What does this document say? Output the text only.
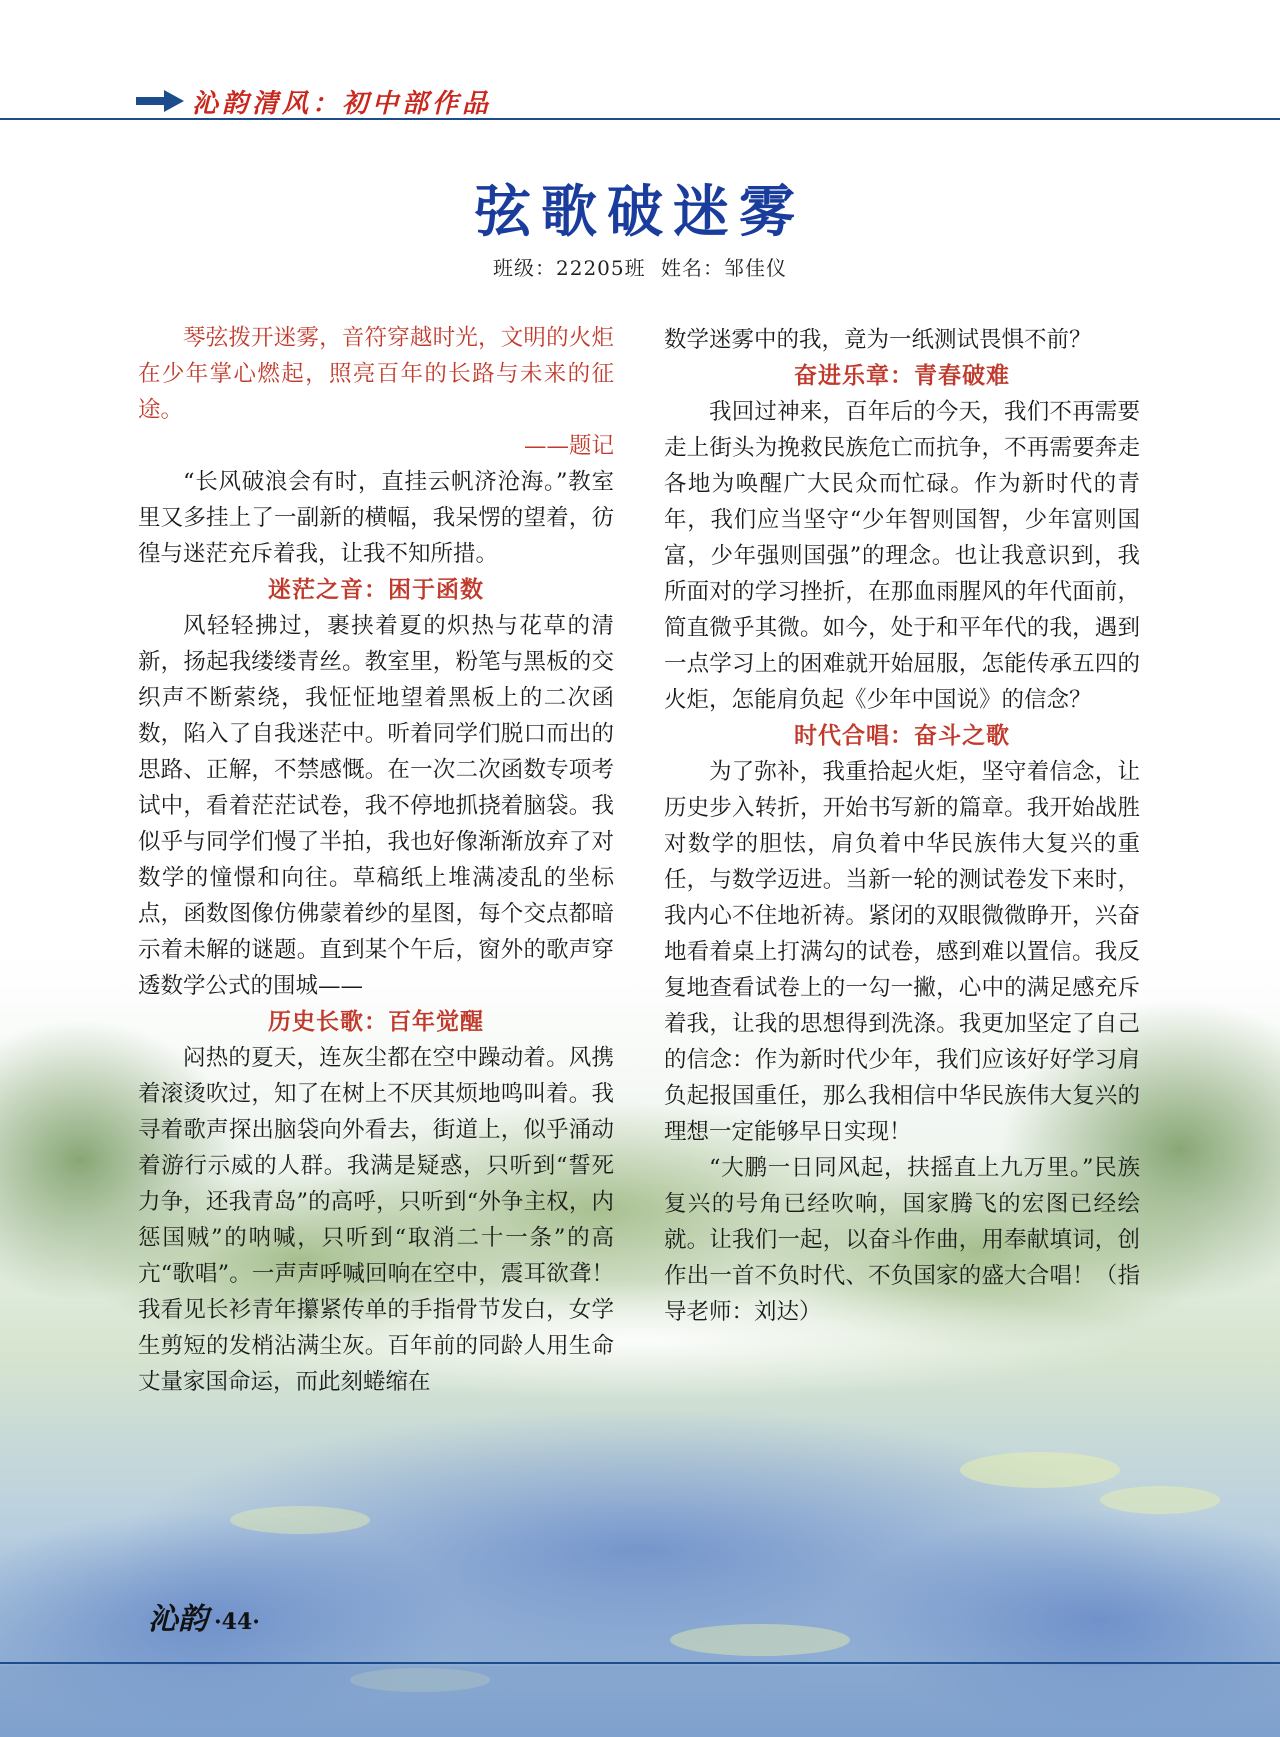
沁韵清风：初中部作品
弦歌破迷雾
班级：22205班 姓名：邹佳仪

琴弦拨开迷雾，音符穿越时光，文明的火炬在少年掌心燃起，照亮百年的长路与未来的征途。

——题记

“长风破浪会有时，直挂云帆济沧海。”教室里又多挂上了一副新的横幅，我呆愣的望着，彷徨与迷茫充斥着我，让我不知所措。

迷茫之音：困于函数

风轻轻拂过，裹挟着夏的炽热与花草的清新，扬起我缕缕青丝。教室里，粉笔与黑板的交织声不断萦绕，我怔怔地望着黑板上的二次函数，陷入了自我迷茫中。听着同学们脱口而出的思路、正解，不禁感慨。在一次二次函数专项考试中，看着茫茫试卷，我不停地抓挠着脑袋。我似乎与同学们慢了半拍，我也好像渐渐放弃了对数学的憧憬和向往。草稿纸上堆满凌乱的坐标点，函数图像仿佛蒙着纱的星图，每个交点都暗示着未解的谜题。直到某个午后，窗外的歌声穿透数学公式的围城——

历史长歌：百年觉醒

闷热的夏天，连灰尘都在空中躁动着。风携着滚烫吹过，知了在树上不厌其烦地鸣叫着。我寻着歌声探出脑袋向外看去，街道上，似乎涌动着游行示威的人群。我满是疑惑，只听到“誓死力争，还我青岛”的高呼，只听到“外争主权，内惩国贼”的呐喊，只听到“取消二十一条”的高亢“歌唱”。一声声呼喊回响在空中，震耳欲聋！我看见长衫青年攥紧传单的手指骨节发白，女学生剪短的发梢沾满尘灰。百年前的同龄人用生命丈量家国命运，而此刻蜷缩在

数学迷雾中的我，竟为一纸测试畏惧不前？

奋进乐章：青春破难

我回过神来，百年后的今天，我们不再需要走上街头为挽救民族危亡而抗争，不再需要奔走各地为唤醒广大民众而忙碌。作为新时代的青年，我们应当坚守“少年智则国智，少年富则国富，少年强则国强”的理念。也让我意识到，我所面对的学习挫折，在那血雨腥风的年代面前，简直微乎其微。如今，处于和平年代的我，遇到一点学习上的困难就开始屈服，怎能传承五四的火炬，怎能肩负起《少年中国说》的信念？

时代合唱：奋斗之歌

为了弥补，我重拾起火炬，坚守着信念，让历史步入转折，开始书写新的篇章。我开始战胜对数学的胆怯，肩负着中华民族伟大复兴的重任，与数学迈进。当新一轮的测试卷发下来时，我内心不住地祈祷。紧闭的双眼微微睁开，兴奋地看着桌上打满勾的试卷，感到难以置信。我反复地查看试卷上的一勾一撇，心中的满足感充斥着我，让我的思想得到洗涤。我更加坚定了自己的信念：作为新时代少年，我们应该好好学习肩负起报国重任，那么我相信中华民族伟大复兴的理想一定能够早日实现！

“大鹏一日同风起，扶摇直上九万里。”民族复兴的号角已经吹响，国家腾飞的宏图已经绘就。让我们一起，以奋斗作曲，用奉献填词，创作出一首不负时代、不负国家的盛大合唱！（指导老师：刘达）

沁韵 ·44·
